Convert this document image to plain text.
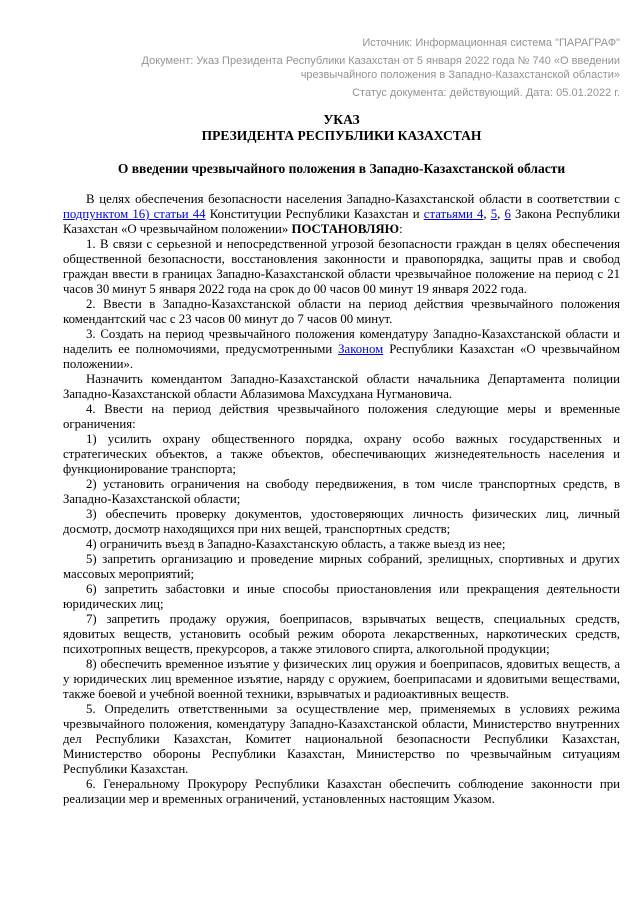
Источник: Информационная система "ПАРАГРАФ"
Документ: Указ Президента Республики Казахстан от 5 января 2022 года № 740 «О введении чрезвычайного положения в Западно-Казахстанской области»
Статус документа: действующий. Дата: 05.01.2022 г.
УКАЗ
ПРЕЗИДЕНТА РЕСПУБЛИКИ КАЗАХСТАН
О введении чрезвычайного положения в Западно-Казахстанской области

В целях обеспечения безопасности населения Западно-Казахстанской области в соответствии с подпунктом 16) статьи 44 Конституции Республики Казахстан и статьями 4, 5, 6 Закона Республики Казахстан «О чрезвычайном положении» ПОСТАНОВЛЯЮ:

1. В связи с серьезной и непосредственной угрозой безопасности граждан в целях обеспечения общественной безопасности, восстановления законности и правопорядка, защиты прав и свобод граждан ввести в границах Западно-Казахстанской области чрезвычайное положение на период с 21 часов 30 минут 5 января 2022 года на срок до 00 часов 00 минут 19 января 2022 года.

2. Ввести в Западно-Казахстанской области на период действия чрезвычайного положения комендантский час с 23 часов 00 минут до 7 часов 00 минут.

3. Создать на период чрезвычайного положения комендатуру Западно-Казахстанской области и наделить ее полномочиями, предусмотренными Законом Республики Казахстан «О чрезвычайном положении».

Назначить комендантом Западно-Казахстанской области начальника Департамента полиции Западно-Казахстанской области Аблазимова Махсудхана Нугмановича.

4. Ввести на период действия чрезвычайного положения следующие меры и временные ограничения:

1) усилить охрану общественного порядка, охрану особо важных государственных и стратегических объектов, а также объектов, обеспечивающих жизнедеятельность населения и функционирование транспорта;

2) установить ограничения на свободу передвижения, в том числе транспортных средств, в Западно-Казахстанской области;

3) обеспечить проверку документов, удостоверяющих личность физических лиц, личный досмотр, досмотр находящихся при них вещей, транспортных средств;

4) ограничить въезд в Западно-Казахстанскую область, а также выезд из нее;

5) запретить организацию и проведение мирных собраний, зрелищных, спортивных и других массовых мероприятий;

6) запретить забастовки и иные способы приостановления или прекращения деятельности юридических лиц;

7) запретить продажу оружия, боеприпасов, взрывчатых веществ, специальных средств, ядовитых веществ, установить особый режим оборота лекарственных, наркотических средств, психотропных веществ, прекурсоров, а также этилового спирта, алкогольной продукции;

8) обеспечить временное изъятие у физических лиц оружия и боеприпасов, ядовитых веществ, а у юридических лиц временное изъятие, наряду с оружием, боеприпасами и ядовитыми веществами, также боевой и учебной военной техники, взрывчатых и радиоактивных веществ.

5. Определить ответственными за осуществление мер, применяемых в условиях режима чрезвычайного положения, комендатуру Западно-Казахстанской области, Министерство внутренних дел Республики Казахстан, Комитет национальной безопасности Республики Казахстан, Министерство обороны Республики Казахстан, Министерство по чрезвычайным ситуациям Республики Казахстан.

6. Генеральному Прокурору Республики Казахстан обеспечить соблюдение законности при реализации мер и временных ограничений, установленных настоящим Указом.
